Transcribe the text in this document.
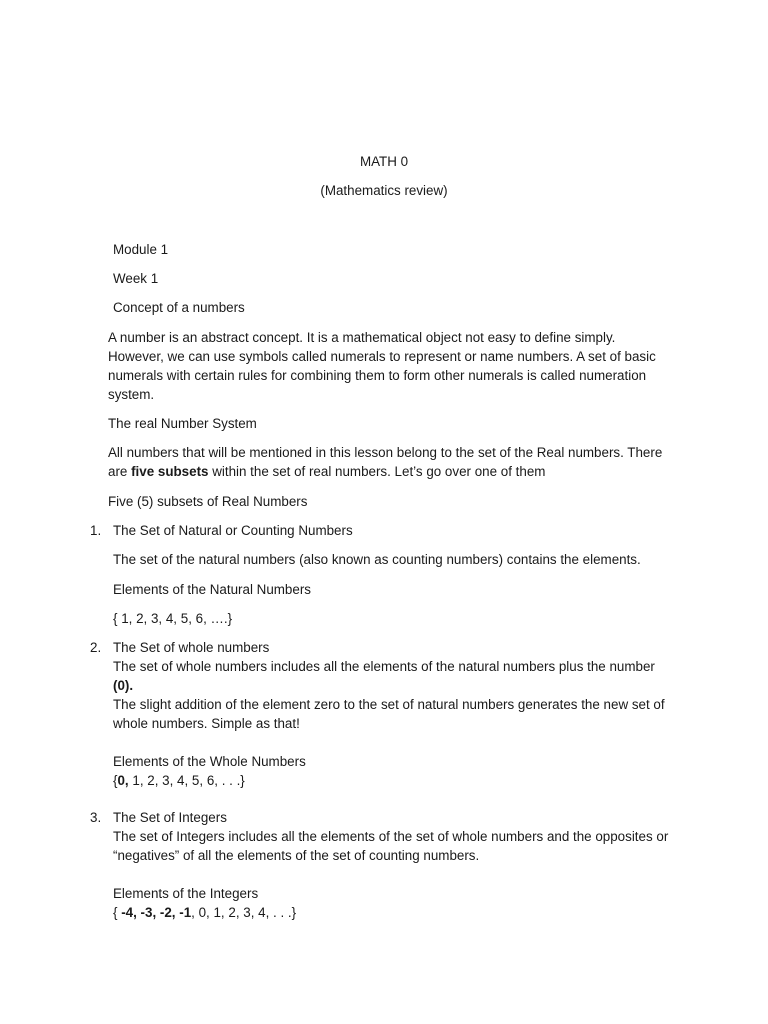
MATH 0
(Mathematics review)
Module 1
Week 1
Concept of a numbers
A number is an abstract concept. It is a mathematical object not easy to define simply.
However, we can use symbols called numerals to represent or name numbers. A set of basic
numerals with certain rules for combining them to form other numerals is called numeration
system.
The real Number System
All numbers that will be mentioned in this lesson belong to the set of the Real numbers. There
are five subsets within the set of real numbers. Let’s go over one of them
Five (5) subsets of Real Numbers
1. The Set of Natural or Counting Numbers
The set of the natural numbers (also known as counting numbers) contains the elements.
Elements of the Natural Numbers
{ 1, 2, 3, 4, 5, 6, ….}
2. The Set of whole numbers
The set of whole numbers includes all the elements of the natural numbers plus the number
(0).
The slight addition of the element zero to the set of natural numbers generates the new set of
whole numbers. Simple as that!
Elements of the Whole Numbers
{0, 1, 2, 3, 4, 5, 6, . . .}
3. The Set of Integers
The set of Integers includes all the elements of the set of whole numbers and the opposites or
“negatives” of all the elements of the set of counting numbers.
Elements of the Integers
{ -4, -3, -2, -1, 0, 1, 2, 3, 4, . . .}
